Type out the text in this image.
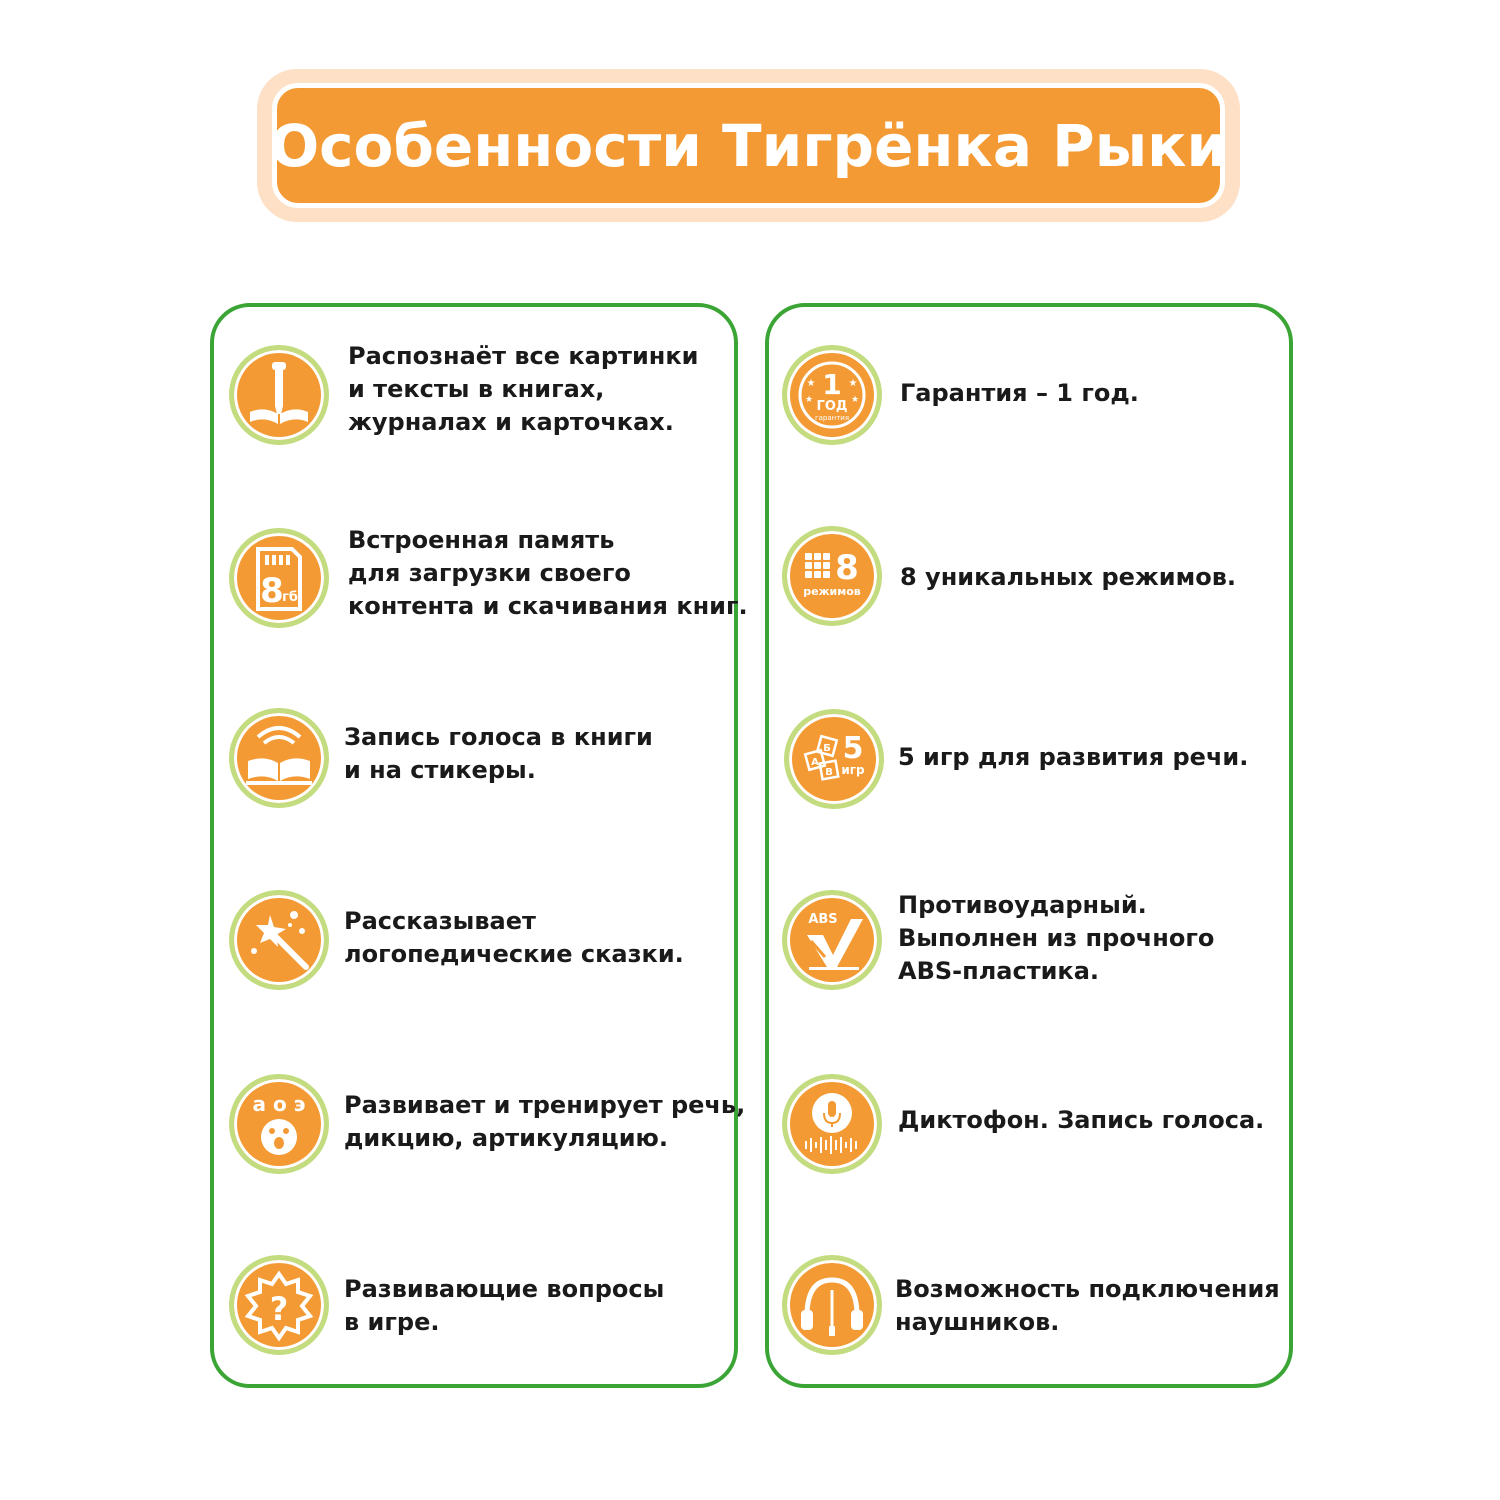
Особенности Тигрёнка Рыки
Распознаёт все картинки
и тексты в книгах,
журналах и карточках.
8
гб
Встроенная память
для загрузки своего
контента и скачивания книг.
Запись голоса в книги
и на стикеры.
Рассказывает
логопедические сказки.
а о э Развивает и тренирует речь,
дикцию, артикуляцию.
?
Развивающие вопросы
в игре.
1
ГОД
гарантия
★	★
★	★ Гарантия – 1 год.
8
режимов
8 уникальных режимов.
А
Б
В
5
игр 5 игр для развития речи.
ABS
Противоударный.
Выполнен из прочного
ABS-пластика.
Диктофон. Запись голоса.
Возможность подключения
наушников.
